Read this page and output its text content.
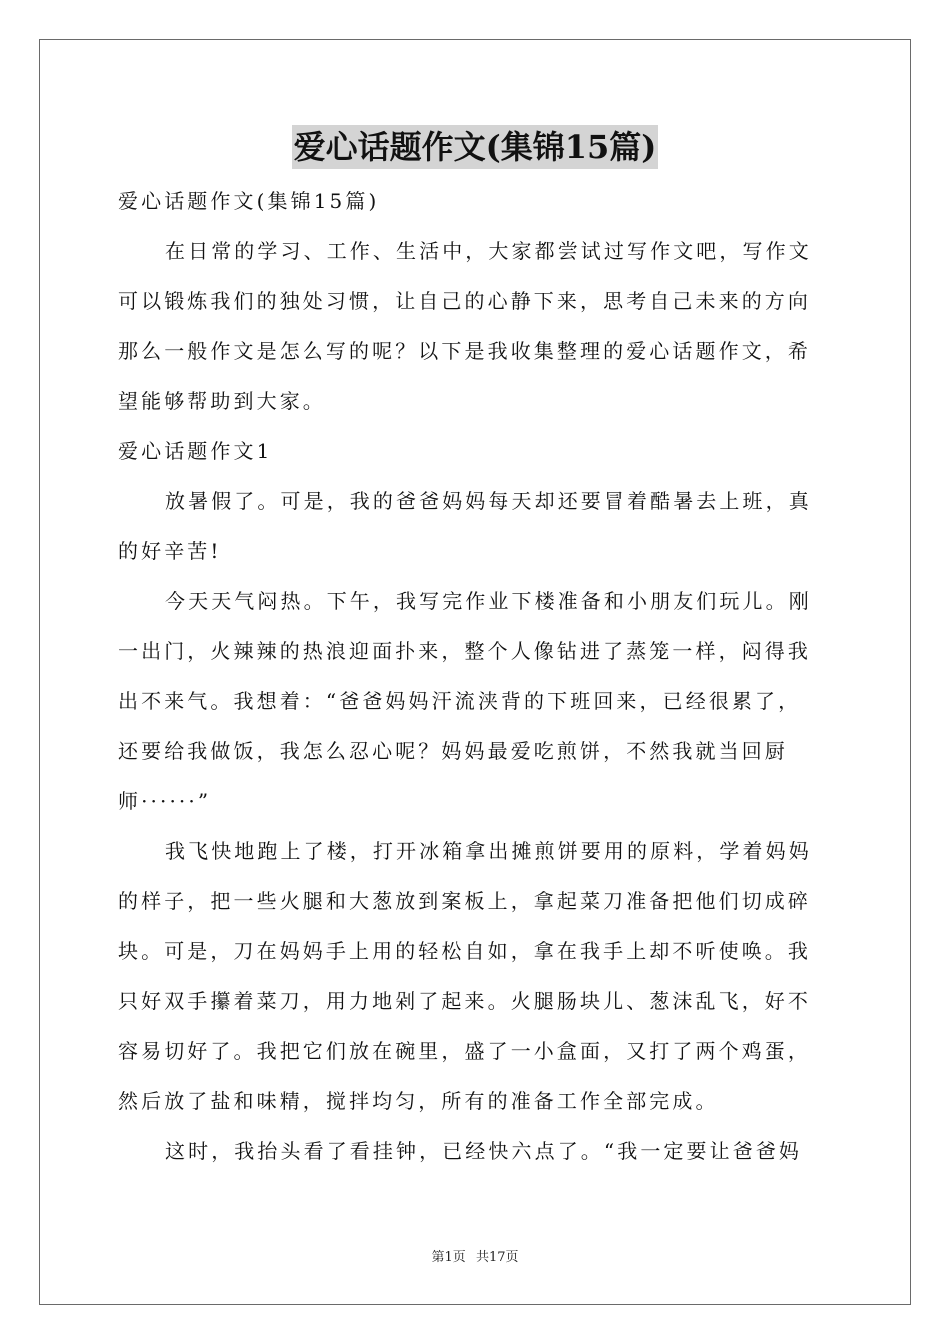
爱心话题作文(集锦15篇)
爱心话题作文(集锦15篇)
在日常的学习、工作、生活中，大家都尝试过写作文吧，写作文
可以锻炼我们的独处习惯，让自己的心静下来，思考自己未来的方向
那么一般作文是怎么写的呢？以下是我收集整理的爱心话题作文，希
望能够帮助到大家。
爱心话题作文1
放暑假了。可是，我的爸爸妈妈每天却还要冒着酷暑去上班，真
的好辛苦!
今天天气闷热。下午，我写完作业下楼准备和小朋友们玩儿。刚
一出门，火辣辣的热浪迎面扑来，整个人像钻进了蒸笼一样，闷得我
出不来气。我想着：“爸爸妈妈汗流浃背的下班回来，已经很累了，
还要给我做饭，我怎么忍心呢？妈妈最爱吃煎饼，不然我就当回厨
师······”
我飞快地跑上了楼，打开冰箱拿出摊煎饼要用的原料，学着妈妈
的样子，把一些火腿和大葱放到案板上，拿起菜刀准备把他们切成碎
块。可是，刀在妈妈手上用的轻松自如，拿在我手上却不听使唤。我
只好双手攥着菜刀，用力地剁了起来。火腿肠块儿、葱沫乱飞，好不
容易切好了。我把它们放在碗里，盛了一小盒面，又打了两个鸡蛋，
然后放了盐和味精，搅拌均匀，所有的准备工作全部完成。
这时，我抬头看了看挂钟，已经快六点了。“我一定要让爸爸妈
第1页 共17页
